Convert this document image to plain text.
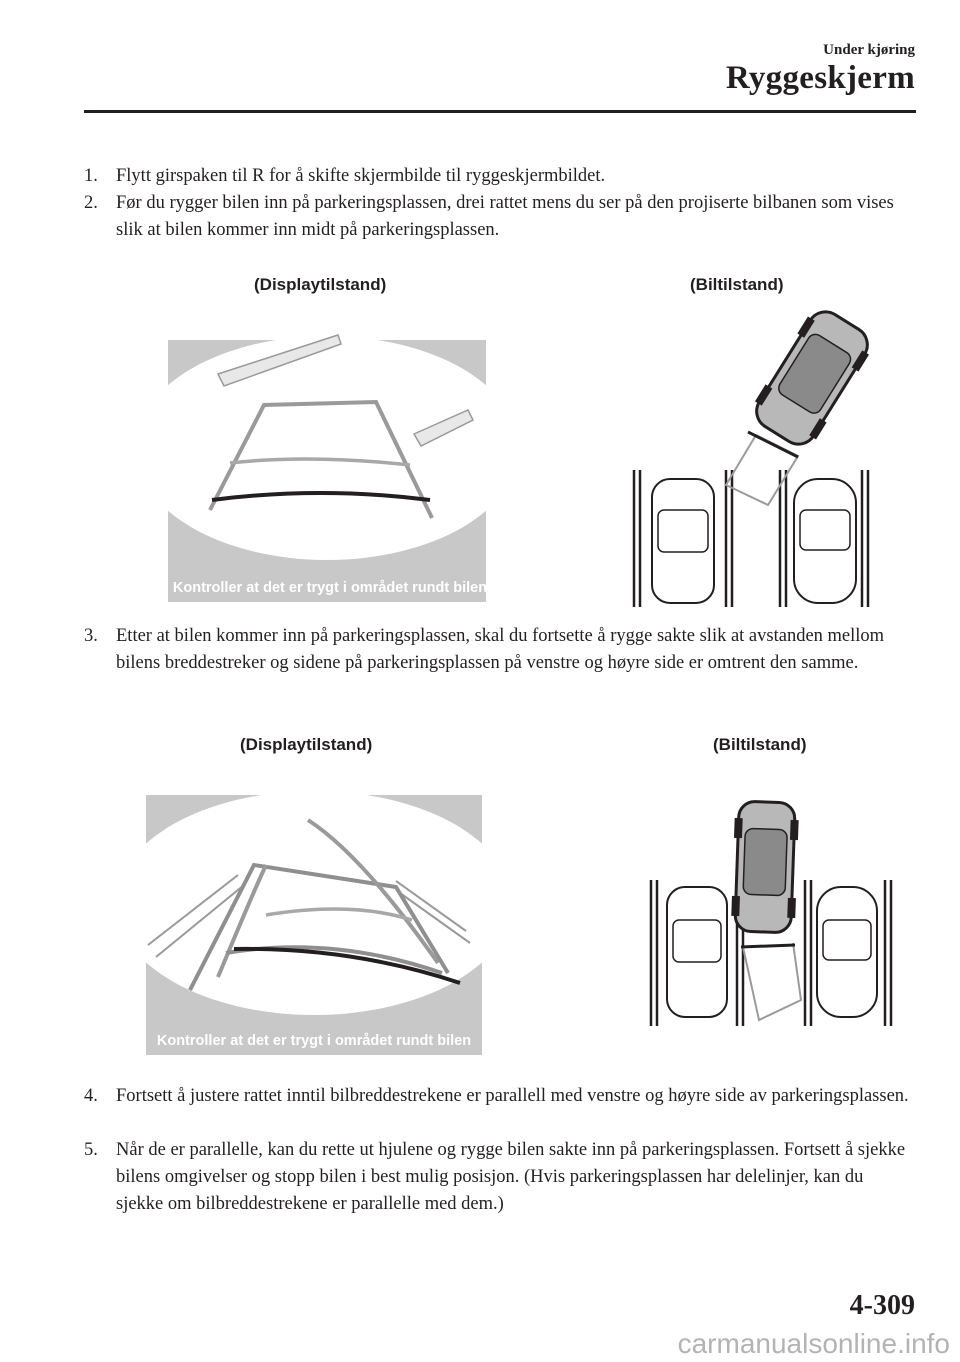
Under kjøring
Ryggeskjerm
1. Flytt girspaken til R for å skifte skjermbilde til ryggeskjermbildet.
2. Før du rygger bilen inn på parkeringsplassen, drei rattet mens du ser på den projiserte bilbanen som vises slik at bilen kommer inn midt på parkeringsplassen.
(Displaytilstand)	(Biltilstand)
Kontroller at det er trygt i området rundt bilen
3. Etter at bilen kommer inn på parkeringsplassen, skal du fortsette å rygge sakte slik at avstanden mellom bilens breddestreker og sidene på parkeringsplassen på venstre og høyre side er omtrent den samme.
(Displaytilstand)	(Biltilstand)
Kontroller at det er trygt i området rundt bilen
4. Fortsett å justere rattet inntil bilbreddestrekene er parallell med venstre og høyre side av parkeringsplassen.
5. Når de er parallelle, kan du rette ut hjulene og rygge bilen sakte inn på parkeringsplassen. Fortsett å sjekke bilens omgivelser og stopp bilen i best mulig posisjon. (Hvis parkeringsplassen har delelinjer, kan du sjekke om bilbreddestrekene er parallelle med dem.)
4-309
carmanualsonline.info
